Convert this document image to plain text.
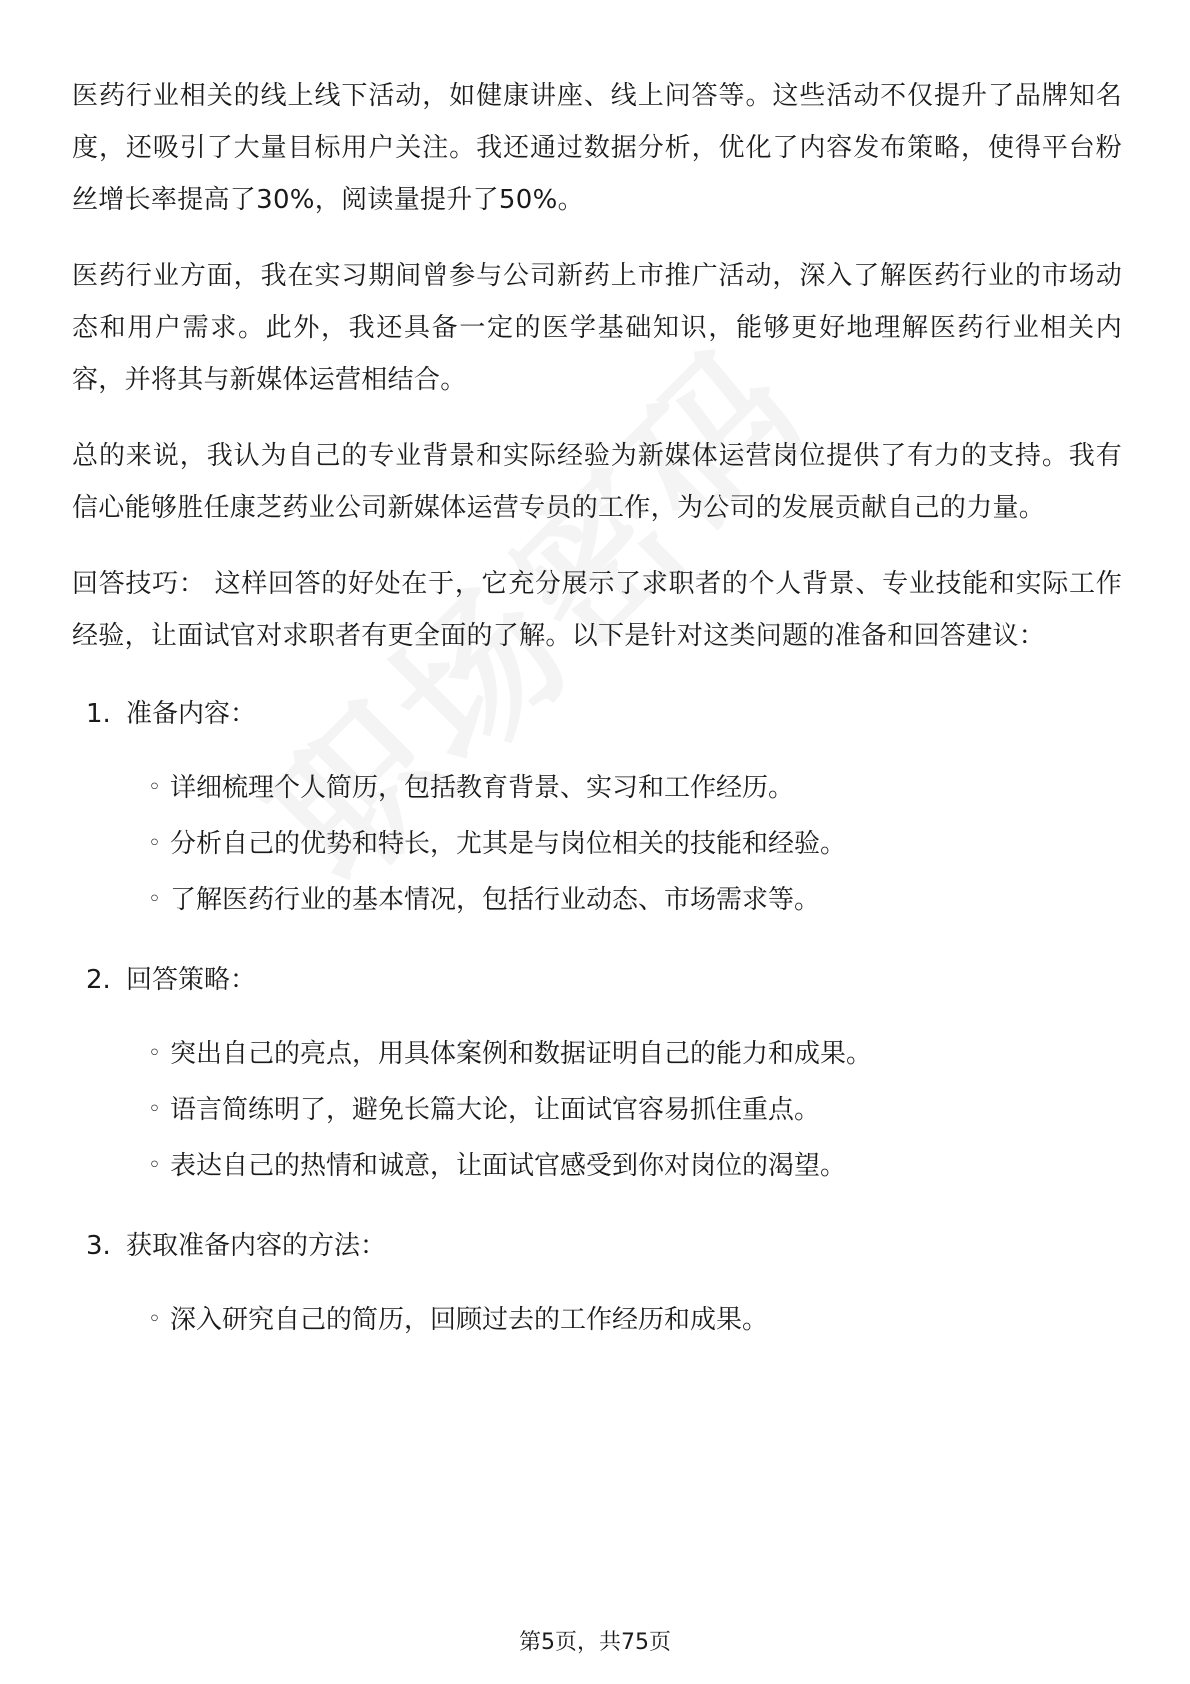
医药行业相关的线上线下活动，如健康讲座、线上问答等。这些活动不仅提升了品牌知名度，还吸引了大量目标用户关注。我还通过数据分析，优化了内容发布策略，使得平台粉丝增长率提高了30%，阅读量提升了50%。

医药行业方面，我在实习期间曾参与公司新药上市推广活动，深入了解医药行业的市场动态和用户需求。此外，我还具备一定的医学基础知识，能够更好地理解医药行业相关内容，并将其与新媒体运营相结合。

总的来说，我认为自己的专业背景和实际经验为新媒体运营岗位提供了有力的支持。我有信心能够胜任康芝药业公司新媒体运营专员的工作，为公司的发展贡献自己的力量。

回答技巧： 这样回答的好处在于，它充分展示了求职者的个人背景、专业技能和实际工作经验，让面试官对求职者有更全面的了解。以下是针对这类问题的准备和回答建议：

1. 准备内容：
◦ 详细梳理个人简历，包括教育背景、实习和工作经历。
◦ 分析自己的优势和特长，尤其是与岗位相关的技能和经验。
◦ 了解医药行业的基本情况，包括行业动态、市场需求等。
2. 回答策略：
◦ 突出自己的亮点，用具体案例和数据证明自己的能力和成果。
◦ 语言简练明了，避免长篇大论，让面试官容易抓住重点。
◦ 表达自己的热情和诚意，让面试官感受到你对岗位的渴望。
3. 获取准备内容的方法：
◦ 深入研究自己的简历，回顾过去的工作经历和成果。
第5页，共75页
